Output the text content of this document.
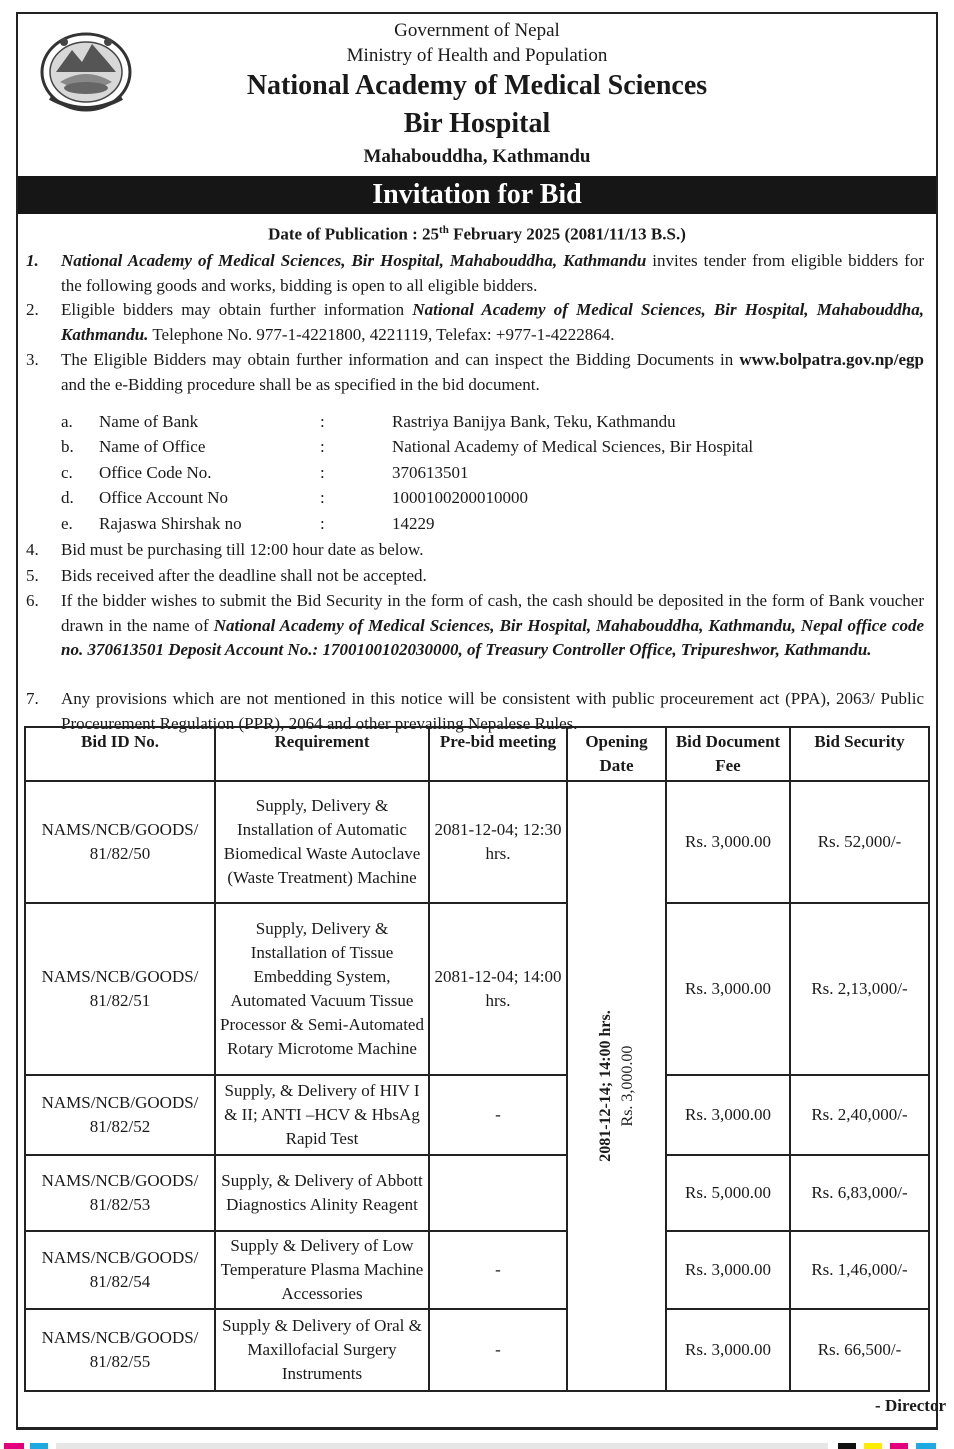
Government of Nepal
Ministry of Health and Population
National Academy of Medical Sciences
Bir Hospital
Mahabouddha, Kathmandu
Invitation for Bid
Date of Publication : 25th February 2025 (2081/11/13 B.S.)
1. National Academy of Medical Sciences, Bir Hospital, Mahabouddha, Kathmandu invites tender from eligible bidders for the following goods and works, bidding is open to all eligible bidders.
2. Eligible bidders may obtain further information National Academy of Medical Sciences, Bir Hospital, Mahabouddha, Kathmandu. Telephone No. 977-1-4221800, 4221119, Telefax: +977-1-4222864.
3. The Eligible Bidders may obtain further information and can inspect the Bidding Documents in www.bolpatra.gov.np/egp and the e-Bidding procedure shall be as specified in the bid document.
a. Name of Bank	:	Rastriya Banijya Bank, Teku, Kathmandu
b. Name of Office	:	National Academy of Medical Sciences, Bir Hospital
c. Office Code No.	:	370613501
d. Office Account No	:	1000100200010000
e. Rajaswa Shirshak no	:	14229
4. Bid must be purchasing till 12:00 hour date as below.
5. Bids received after the deadline shall not be accepted.
6. If the bidder wishes to submit the Bid Security in the form of cash, the cash should be deposited in the form of Bank voucher drawn in the name of National Academy of Medical Sciences, Bir Hospital, Mahabouddha, Kathmandu, Nepal office code no. 370613501 Deposit Account No.: 1700100102030000, of Treasury Controller Office, Tripureshwor, Kathmandu.
7. Any provisions which are not mentioned in this notice will be consistent with public proceurement act (PPA), 2063/ Public Proceurement Regulation (PPR), 2064 and other prevailing Nepalese Rules.
Bid ID No.	Requirement	Pre-bid meeting	Opening Date	Bid Document Fee	Bid Security
NAMS/NCB/GOODS/ 81/82/50	Supply, Delivery & Installation of Automatic Biomedical Waste Autoclave (Waste Treatment) Machine	2081-12-04; 12:30 hrs.	2081-12-14; 14:00 hrs. Rs. 3,000.00	Rs. 3,000.00	Rs. 52,000/-
NAMS/NCB/GOODS/ 81/82/51	Supply, Delivery & Installation of Tissue Embedding System, Automated Vacuum Tissue Processor & Semi-Automated Rotary Microtome Machine	2081-12-04; 14:00 hrs.		Rs. 3,000.00	Rs. 2,13,000/-
NAMS/NCB/GOODS/ 81/82/52	Supply, & Delivery of HIV I & II; ANTI –HCV & HbsAg Rapid Test	-		Rs. 3,000.00	Rs. 2,40,000/-
NAMS/NCB/GOODS/ 81/82/53	Supply, & Delivery of Abbott Diagnostics Alinity Reagent			Rs. 5,000.00	Rs. 6,83,000/-
NAMS/NCB/GOODS/ 81/82/54	Supply & Delivery of Low Temperature Plasma Machine Accessories	-		Rs. 3,000.00	Rs. 1,46,000/-
NAMS/NCB/GOODS/ 81/82/55	Supply & Delivery of Oral & Maxillofacial Surgery Instruments	-		Rs. 3,000.00	Rs. 66,500/-
- Director
